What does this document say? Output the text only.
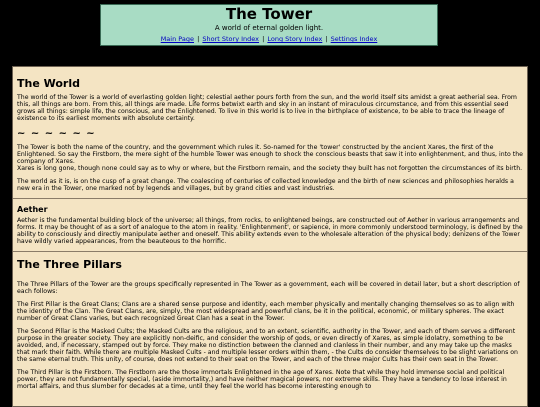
The Tower
A world of eternal golden light.
Main Page | Short Story Index | Long Story Index | Settings Index
The World

The world of the Tower is a world of everlasting golden light; celestial aether pours forth from the sun, and the world itself sits amidst a great aetherial sea. From this, all things are born. From this, all things are made. Life forms betwixt earth and sky in an instant of miraculous circumstance, and from this essential seed grows all things: simple life, the conscious, and the Enlightened. To live in this world is to live in the birthplace of existence, to be able to trace the lineage of existence to its earliest moments with absolute certainty.

~ ~ ~ ~ ~ ~

The Tower is both the name of the country, and the government which rules it. So-named for the 'tower' constructed by the ancient Xares, the first of the Enlightened. So say the Firstborn, the mere sight of the humble Tower was enough to shock the conscious beasts that saw it into enlightenment, and thus, into the company of Xares.

Xares is long gone, though none could say as to why or where, but the Firstborn remain, and the society they built has not forgotten the circumstances of its birth.

The world as it is, is on the cusp of a great change. The coalescing of centuries of collected knowledge and the birth of new sciences and philosophies heralds a new era in the Tower, one marked not by legends and villages, but by grand cities and vast industries.

Aether

Aether is the fundamental building block of the universe; all things, from rocks, to enlightened beings, are constructed out of Aether in various arrangements and forms. It may be thought of as a sort of analogue to the atom in reality. 'Enlightenment', or sapience, in more commonly understood terminology, is defined by the ability to consciously and directly manipulate aether and oneself. This ability extends even to the wholesale alteration of the physical body; denizens of the Tower have wildly varied appearances, from the beauteous to the horrific.

The Three Pillars

The Three Pillars of the Tower are the groups specifically represented in The Tower as a government, each will be covered in detail later, but a short description of each follows:

The First Pillar is the Great Clans; Clans are a shared sense purpose and identity, each member physically and mentally changing themselves so as to align with the identity of the Clan. The Great Clans, are, simply, the most widespread and powerful clans, be it in the political, economic, or military spheres. The exact number of Great Clans varies, but each recognized Great Clan has a seat in the Tower.

The Second Pillar is the Masked Cults; the Masked Cults are the religious, and to an extent, scientific, authority in the Tower, and each of them serves a different purpose in the greater society. They are explicitly non-deific, and consider the worship of gods, or even directly of Xares, as simple idolatry, something to be avoided, and, if necessary, stamped out by force. They make no distinction between the clanned and clanless in their number, and any may take up the masks that mark their faith. While there are multiple Masked Cults - and multiple lesser orders within them, - the Cults do consider themselves to be slight variations on the same eternal truth. This unity, of course, does not extend to their seat on the Tower, and each of the three major Cults has their own seat in the Tower.

The Third Pillar is the Firstborn. The Firstborn are the those immortals Enlightened in the age of Xares. Note that while they hold immense social and political power, they are not fundamentally special, (aside immortality,) and have neither magical powers, nor extreme skills. They have a tendency to lose interest in mortal affairs, and thus slumber for decades at a time, until they feel the world has become interesting enough to
